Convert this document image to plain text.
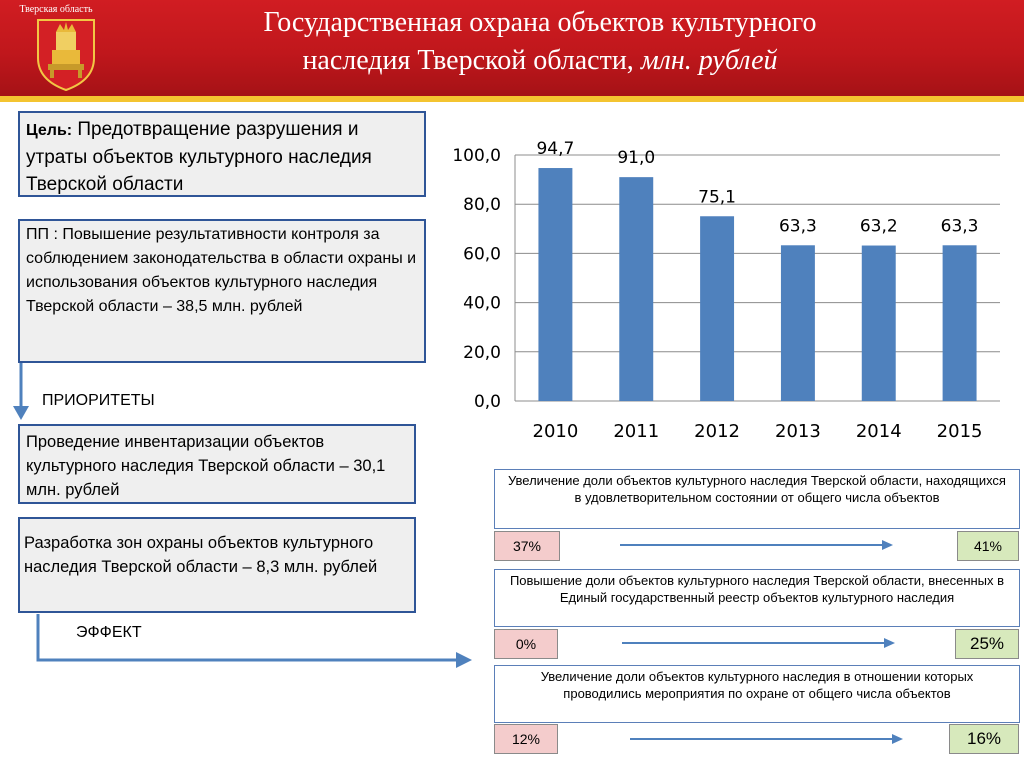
Тверская область	Государственная охрана объектов культурного
наследия Тверской области, млн. рублей
Цель: Предотвращение разрушения и утраты объектов культурного наследия Тверской области
ПП : Повышение результативности контроля за соблюдением законодательства в области охраны и использования объектов культурного наследия Тверской области – 38,5 млн. рублей
ПРИОРИТЕТЫ
Проведение инвентаризации объектов культурного наследия Тверской области – 30,1 млн. рублей
Разработка зон охраны объектов культурного наследия Тверской области – 8,3 млн. рублей
ЭФФЕКТ
0,0
20,0
40,0
60,0
80,0
100,0 94,7
2010
91,0
2011
75,1
2012
63,3
2013
63,2
2014
63,3
2015
Увеличение доли объектов культурного наследия Тверской области, находящихся в удовлетворительном состоянии от общего числа объектов
37%	41%
Повышение доли объектов культурного наследия Тверской области, внесенных в Единый государственный реестр объектов культурного наследия
0%	25%
Увеличение доли объектов культурного наследия в отношении которых проводились мероприятия по охране от общего числа объектов
12%	16%
